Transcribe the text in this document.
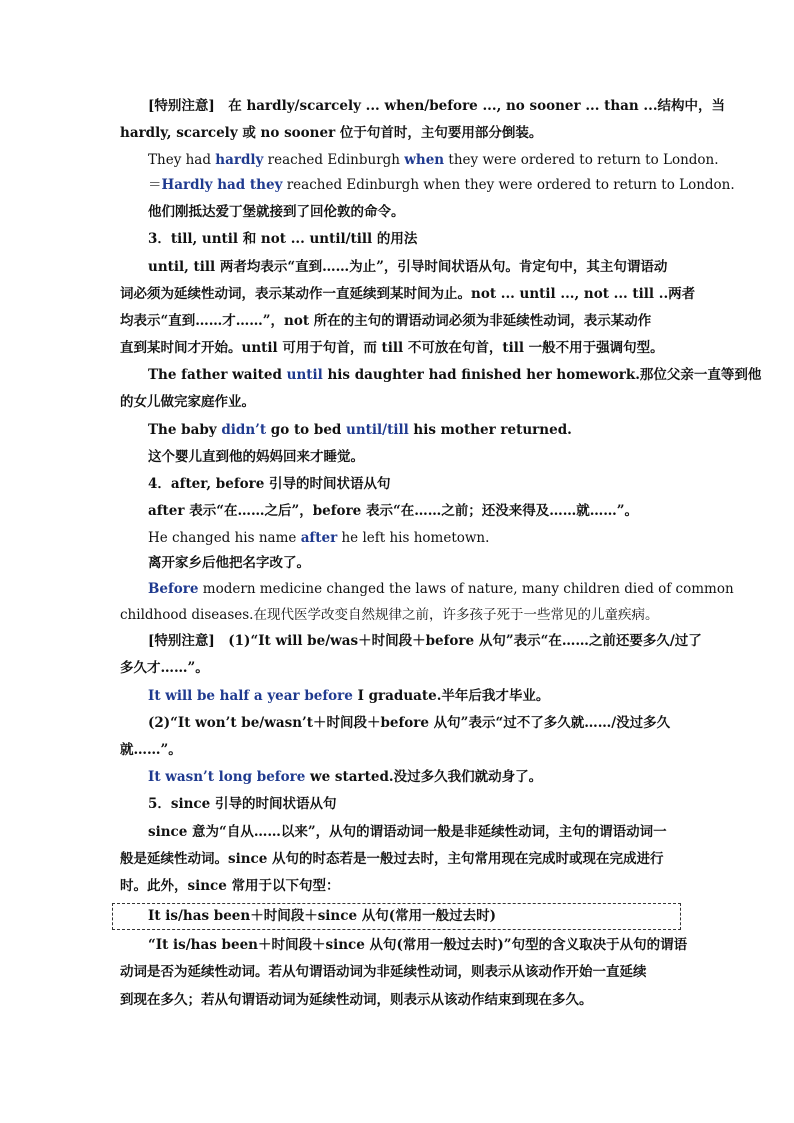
[特别注意]　在 hardly/scarcely ... when/before ..., no sooner ... than ...结构中，当
hardly, scarcely 或 no sooner 位于句首时，主句要用部分倒装。
They had hardly reached Edinburgh when they were ordered to return to London.
＝Hardly had they reached Edinburgh when they were ordered to return to London.
他们刚抵达爱丁堡就接到了回伦敦的命令。
3．till, until 和 not ... until/till 的用法
until, till 两者均表示“直到……为止”，引导时间状语从句。肯定句中，其主句谓语动
词必须为延续性动词，表示某动作一直延续到某时间为止。not ... until ..., not ... till ..两者
均表示“直到……才……”，not 所在的主句的谓语动词必须为非延续性动词，表示某动作
直到某时间才开始。until 可用于句首，而 till 不可放在句首，till 一般不用于强调句型。
The father waited until his daughter had finished her homework.那位父亲一直等到他
的女儿做完家庭作业。
The baby didn’t go to bed until/till his mother returned.
这个婴儿直到他的妈妈回来才睡觉。
4．after, before 引导的时间状语从句
after 表示“在……之后”，before 表示“在……之前；还没来得及……就……”。
He changed his name after he left his hometown.
离开家乡后他把名字改了。
Before modern medicine changed the laws of nature, many children died of common
childhood diseases.在现代医学改变自然规律之前，许多孩子死于一些常见的儿童疾病。
[特别注意]　(1)“It will be/was＋时间段＋before 从句”表示“在……之前还要多久/过了
多久才……”。
It will be half a year before I graduate.半年后我才毕业。
(2)“It won’t be/wasn’t＋时间段＋before 从句”表示“过不了多久就……/没过多久
就……”。
It wasn’t long before we started.没过多久我们就动身了。
5．since 引导的时间状语从句
since 意为“自从……以来”，从句的谓语动词一般是非延续性动词，主句的谓语动词一
般是延续性动词。since 从句的时态若是一般过去时，主句常用现在完成时或现在完成进行
时。此外，since 常用于以下句型：
It is/has been＋时间段＋since 从句(常用一般过去时)
“It is/has been＋时间段＋since 从句(常用一般过去时)”句型的含义取决于从句的谓语
动词是否为延续性动词。若从句谓语动词为非延续性动词，则表示从该动作开始一直延续
到现在多久；若从句谓语动词为延续性动词，则表示从该动作结束到现在多久。
